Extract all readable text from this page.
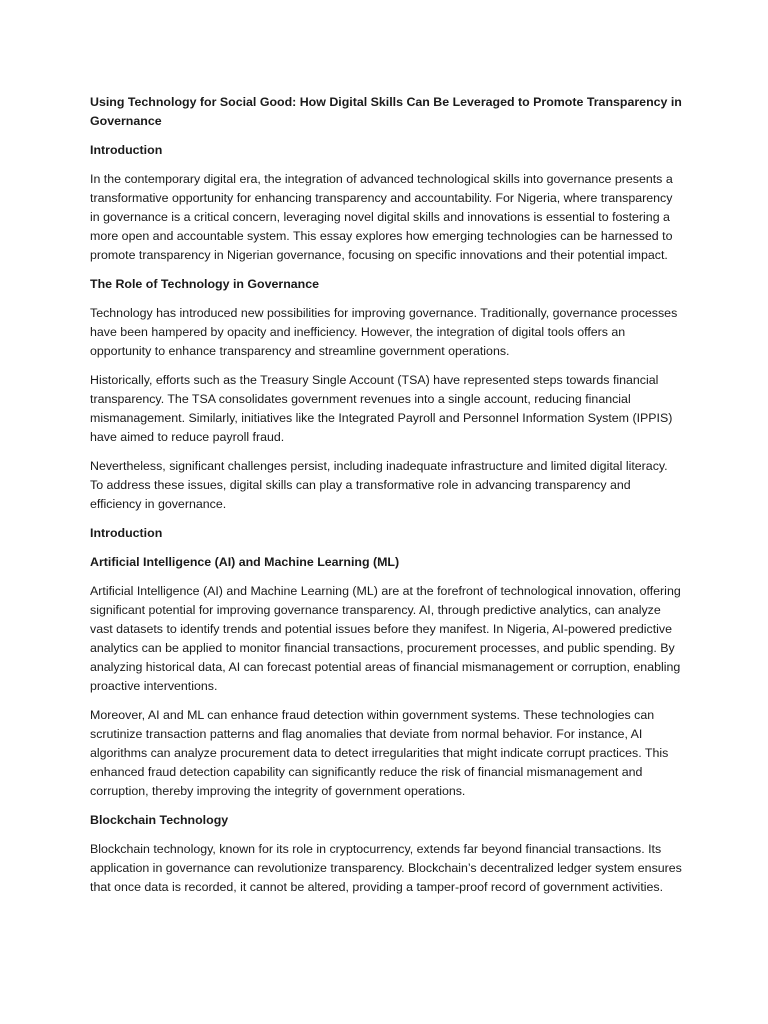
Using Technology for Social Good: How Digital Skills Can Be Leveraged to Promote Transparency in Governance
Introduction
In the contemporary digital era, the integration of advanced technological skills into governance presents a transformative opportunity for enhancing transparency and accountability. For Nigeria, where transparency in governance is a critical concern, leveraging novel digital skills and innovations is essential to fostering a more open and accountable system. This essay explores how emerging technologies can be harnessed to promote transparency in Nigerian governance, focusing on specific innovations and their potential impact.
The Role of Technology in Governance
Technology has introduced new possibilities for improving governance. Traditionally, governance processes have been hampered by opacity and inefficiency. However, the integration of digital tools offers an opportunity to enhance transparency and streamline government operations.
Historically, efforts such as the Treasury Single Account (TSA) have represented steps towards financial transparency. The TSA consolidates government revenues into a single account, reducing financial mismanagement. Similarly, initiatives like the Integrated Payroll and Personnel Information System (IPPIS) have aimed to reduce payroll fraud.
Nevertheless, significant challenges persist, including inadequate infrastructure and limited digital literacy. To address these issues, digital skills can play a transformative role in advancing transparency and efficiency in governance.
Introduction
Artificial Intelligence (AI) and Machine Learning (ML)
Artificial Intelligence (AI) and Machine Learning (ML) are at the forefront of technological innovation, offering significant potential for improving governance transparency. AI, through predictive analytics, can analyze vast datasets to identify trends and potential issues before they manifest. In Nigeria, AI-powered predictive analytics can be applied to monitor financial transactions, procurement processes, and public spending. By analyzing historical data, AI can forecast potential areas of financial mismanagement or corruption, enabling proactive interventions.
Moreover, AI and ML can enhance fraud detection within government systems. These technologies can scrutinize transaction patterns and flag anomalies that deviate from normal behavior. For instance, AI algorithms can analyze procurement data to detect irregularities that might indicate corrupt practices. This enhanced fraud detection capability can significantly reduce the risk of financial mismanagement and corruption, thereby improving the integrity of government operations.
Blockchain Technology
Blockchain technology, known for its role in cryptocurrency, extends far beyond financial transactions. Its application in governance can revolutionize transparency. Blockchain’s decentralized ledger system ensures that once data is recorded, it cannot be altered, providing a tamper-proof record of government activities.
